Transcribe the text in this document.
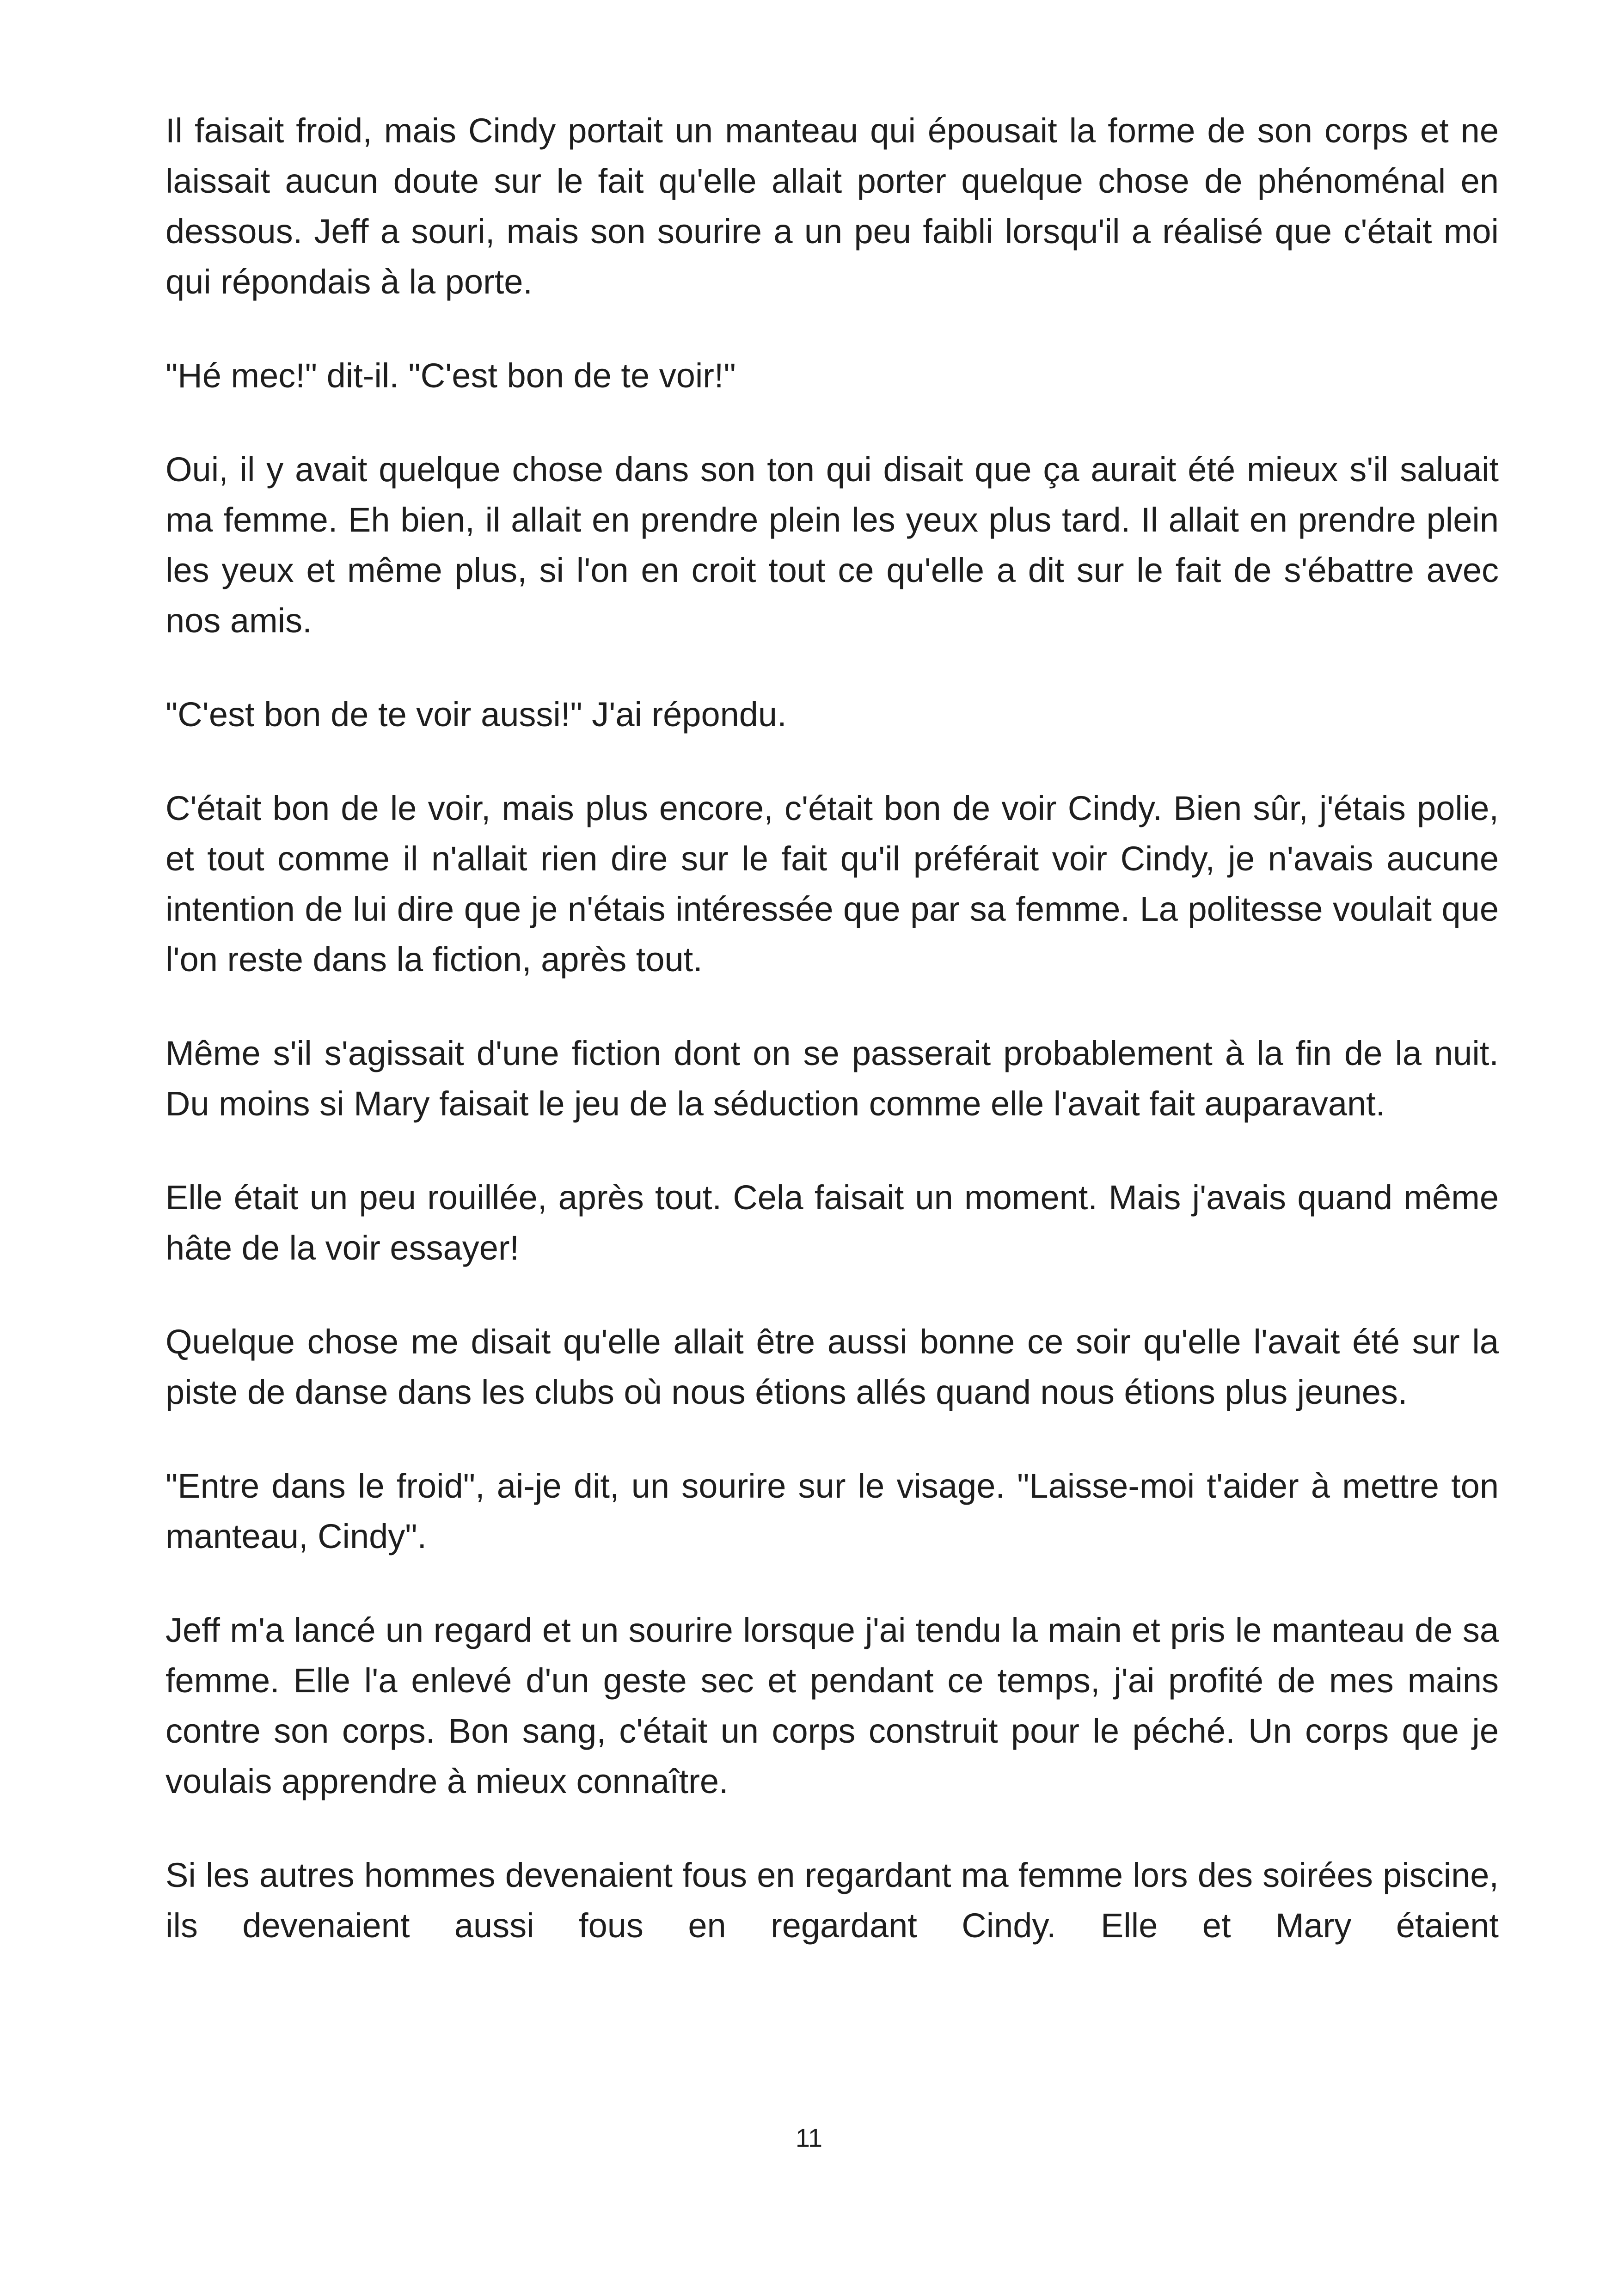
Il faisait froid, mais Cindy portait un manteau qui épousait la forme de son corps et ne laissait aucun doute sur le fait qu'elle allait porter quelque chose de phénoménal en dessous. Jeff a souri, mais son sourire a un peu faibli lorsqu'il a réalisé que c'était moi qui répondais à la porte.

"Hé mec!" dit-il. "C'est bon de te voir!"

Oui, il y avait quelque chose dans son ton qui disait que ça aurait été mieux s'il saluait ma femme. Eh bien, il allait en prendre plein les yeux plus tard. Il allait en prendre plein les yeux et même plus, si l'on en croit tout ce qu'elle a dit sur le fait de s'ébattre avec nos amis.

"C'est bon de te voir aussi!" J'ai répondu.

C'était bon de le voir, mais plus encore, c'était bon de voir Cindy. Bien sûr, j'étais polie, et tout comme il n'allait rien dire sur le fait qu'il préférait voir Cindy, je n'avais aucune intention de lui dire que je n'étais intéressée que par sa femme. La politesse voulait que l'on reste dans la fiction, après tout.

Même s'il s'agissait d'une fiction dont on se passerait probablement à la fin de la nuit. Du moins si Mary faisait le jeu de la séduction comme elle l'avait fait auparavant.

Elle était un peu rouillée, après tout. Cela faisait un moment. Mais j'avais quand même hâte de la voir essayer!

Quelque chose me disait qu'elle allait être aussi bonne ce soir qu'elle l'avait été sur la piste de danse dans les clubs où nous étions allés quand nous étions plus jeunes.

"Entre dans le froid", ai-je dit, un sourire sur le visage. "Laisse-moi t'aider à mettre ton manteau, Cindy".

Jeff m'a lancé un regard et un sourire lorsque j'ai tendu la main et pris le manteau de sa femme. Elle l'a enlevé d'un geste sec et pendant ce temps, j'ai profité de mes mains contre son corps. Bon sang, c'était un corps construit pour le péché. Un corps que je voulais apprendre à mieux connaître.

Si les autres hommes devenaient fous en regardant ma femme lors des soirées piscine, ils devenaient aussi fous en regardant Cindy. Elle et Mary étaient

11
